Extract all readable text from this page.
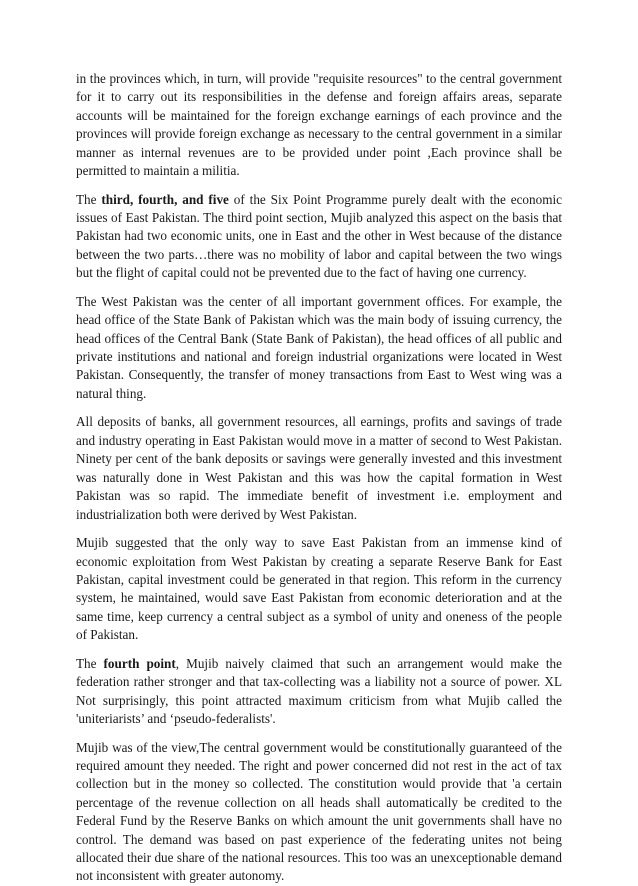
in the provinces which, in turn, will provide "requisite resources" to the central government for it to carry out its responsibilities in the defense and foreign affairs areas, separate accounts will be maintained for the foreign exchange earnings of each province and the provinces will provide foreign exchange as necessary to the central government in a similar manner as internal revenues are to be provided under point ,Each province shall be permitted to maintain a militia.

The third, fourth, and five of the Six Point Programme purely dealt with the economic issues of East Pakistan. The third point section, Mujib analyzed this aspect on the basis that Pakistan had two economic units, one in East and the other in West because of the distance between the two parts…there was no mobility of labor and capital between the two wings but the flight of capital could not be prevented due to the fact of having one currency.

The West Pakistan was the center of all important government offices. For example, the head office of the State Bank of Pakistan which was the main body of issuing currency, the head offices of the Central Bank (State Bank of Pakistan), the head offices of all public and private institutions and national and foreign industrial organizations were located in West Pakistan. Consequently, the transfer of money transactions from East to West wing was a natural thing.

All deposits of banks, all government resources, all earnings, profits and savings of trade and industry operating in East Pakistan would move in a matter of second to West Pakistan. Ninety per cent of the bank deposits or savings were generally invested and this investment was naturally done in West Pakistan and this was how the capital formation in West Pakistan was so rapid. The immediate benefit of investment i.e. employment and industrialization both were derived by West Pakistan.

Mujib suggested that the only way to save East Pakistan from an immense kind of economic exploitation from West Pakistan by creating a separate Reserve Bank for East Pakistan, capital investment could be generated in that region. This reform in the currency system, he maintained, would save East Pakistan from economic deterioration and at the same time, keep currency a central subject as a symbol of unity and oneness of the people of Pakistan.

The fourth point, Mujib naively claimed that such an arrangement would make the federation rather stronger and that tax-collecting was a liability not a source of power. XL Not surprisingly, this point attracted maximum criticism from what Mujib called the 'uniteriarists’ and ‘pseudo-federalists'.

Mujib was of the view,The central government would be constitutionally guaranteed of the required amount they needed. The right and power concerned did not rest in the act of tax collection but in the money so collected. The constitution would provide that 'a certain percentage of the revenue collection on all heads shall automatically be credited to the Federal Fund by the Reserve Banks on which amount the unit governments shall have no control. The demand was based on past experience of the federating unites not being allocated their due share of the national resources. This too was an unexceptionable demand not inconsistent with greater autonomy.
